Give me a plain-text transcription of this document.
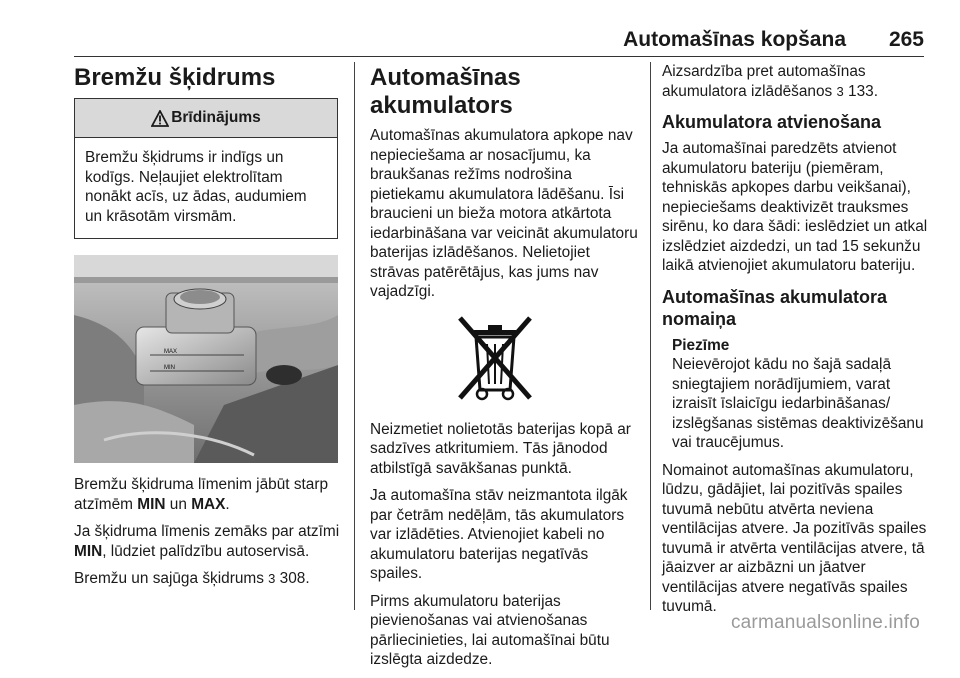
Automašīnas kopšana 265
Bremžu šķidrums
Brīdinājums
Bremžu šķidrums ir indīgs un kodīgs. Neļaujiet elektrolītam nonākt acīs, uz ādas, audumiem un krāsotām virsmām.
MAX
MIN

Bremžu šķidruma līmenim jābūt starp atzīmēm MIN un MAX.

Ja šķidruma līmenis zemāks par atzīmi MIN, lūdziet palīdzību autoservisā.

Bremžu un sajūga šķidrums 3 308.

Automašīnas akumulators

Automašīnas akumulatora apkope nav nepieciešama ar nosacījumu, ka braukšanas režīms nodrošina pietiekamu akumulatora lādēšanu. Īsi braucieni un bieža motora atkārtota iedarbināšana var veicināt akumulatoru baterijas izlādēšanos. Nelietojiet strāvas patērētājus, kas jums nav vajadzīgi.

Neizmetiet nolietotās baterijas kopā ar sadzīves atkritumiem. Tās jānodod atbilstīgā savākšanas punktā.

Ja automašīna stāv neizmantota ilgāk par četrām nedēļām, tās akumulators var izlādēties. Atvienojiet kabeli no akumulatoru baterijas negatīvās spailes.

Pirms akumulatoru baterijas pievienošanas vai atvienošanas pārliecinieties, lai automašīnai būtu izslēgta aizdedze.

Aizsardzība pret automašīnas akumulatora izlādēšanos 3 133.

Akumulatora atvienošana

Ja automašīnai paredzēts atvienot akumulatoru bateriju (piemēram, tehniskās apkopes darbu veikšanai), nepieciešams deaktivizēt trauksmes sirēnu, ko dara šādi: ieslēdziet un atkal izslēdziet aizdedzi, un tad 15 sekunžu laikā atvienojiet akumulatoru bateriju.

Automašīnas akumulatora nomaiņa
Piezīme

Neievērojot kādu no šajā sadaļā sniegtajiem norādījumiem, varat izraisīt īslaicīgu iedarbināšanas/ izslēgšanas sistēmas deaktivizēšanu vai traucējumus.

Nomainot automašīnas akumulatoru, lūdzu, gādājiet, lai pozitīvās spailes tuvumā nebūtu atvērta neviena ventilācijas atvere. Ja pozitīvās spailes tuvumā ir atvērta ventilācijas atvere, tā jāaizver ar aizbāzni un jāatver ventilācijas atvere negatīvās spailes tuvumā.

carmanualsonline.info
